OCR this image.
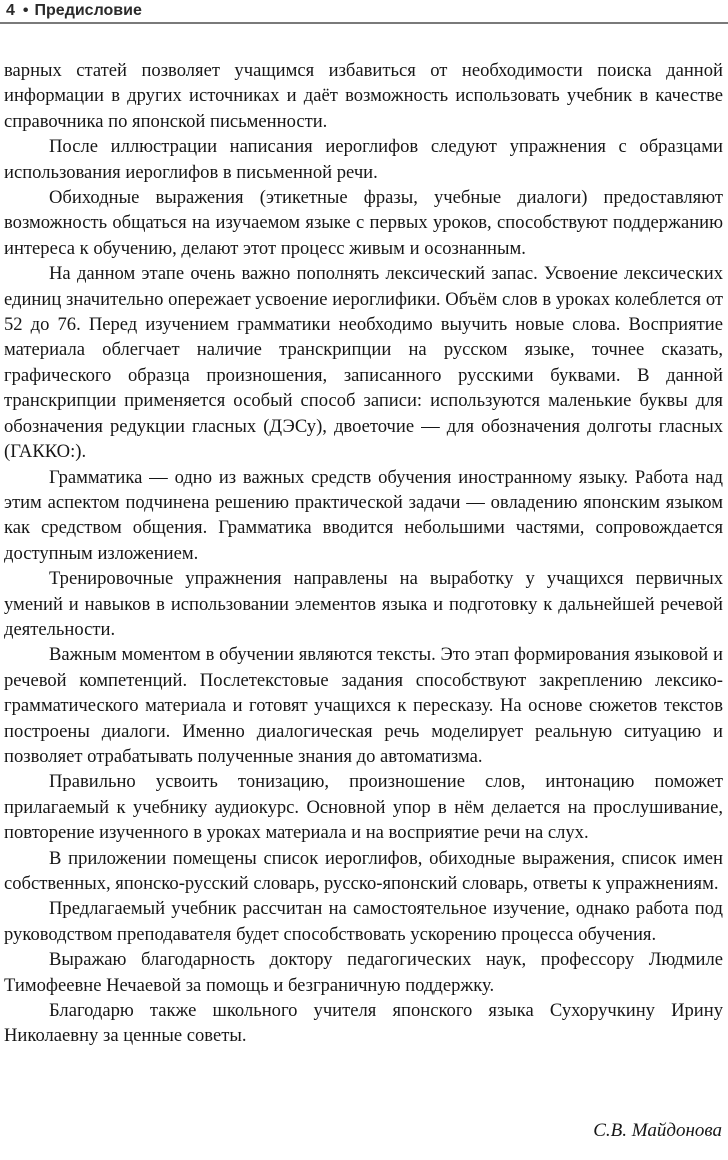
4 • Предисловие

варных статей позволяет учащимся избавиться от необходимости поиска данной информации в других источниках и даёт возможность использовать учебник в качестве справочника по японской письменности.

После иллюстрации написания иероглифов следуют упражнения с образцами использования иероглифов в письменной речи.

Обиходные выражения (этикетные фразы, учебные диалоги) предоставляют возможность общаться на изучаемом языке с первых уроков, способствуют поддержанию интереса к обучению, делают этот процесс живым и осознанным.

На данном этапе очень важно пополнять лексический запас. Усвоение лексических единиц значительно опережает усвоение иероглифики. Объём слов в уроках колеблется от 52 до 76. Перед изучением грамматики необходимо выучить новые слова. Восприятие материала облегчает наличие транскрипции на русском языке, точнее сказать, графического образца произношения, записанного русскими буквами. В данной транскрипции применяется особый способ записи: используются маленькие буквы для обозначения редукции гласных (ДЭСу), двоеточие — для обозначения долготы гласных (ГАККО:).

Грамматика — одно из важных средств обучения иностранному языку. Работа над этим аспектом подчинена решению практической задачи — овладению японским языком как средством общения. Грамматика вводится небольшими частями, сопровождается доступным изложением.

Тренировочные упражнения направлены на выработку у учащихся первичных умений и навыков в использовании элементов языка и подготовку к дальнейшей речевой деятельности.

Важным моментом в обучении являются тексты. Это этап формирования языковой и речевой компетенций. Послетекстовые задания способствуют закреплению лексико-грамматического материала и готовят учащихся к пересказу. На основе сюжетов текстов построены диалоги. Именно диалогическая речь моделирует реальную ситуацию и позволяет отрабатывать полученные знания до автоматизма.

Правильно усвоить тонизацию, произношение слов, интонацию поможет прилагаемый к учебнику аудиокурс. Основной упор в нём делается на прослушивание, повторение изученного в уроках материала и на восприятие речи на слух.

В приложении помещены список иероглифов, обиходные выражения, список имен собственных, японско-русский словарь, русско-японский словарь, ответы к упражнениям.

Предлагаемый учебник рассчитан на самостоятельное изучение, однако работа под руководством преподавателя будет способствовать ускорению процесса обучения.

Выражаю благодарность доктору педагогических наук, профессору Людмиле Тимофеевне Нечаевой за помощь и безграничную поддержку.

Благодарю также школьного учителя японского языка Сухоручкину Ирину Николаевну за ценные советы.

С.В. Майдонова
